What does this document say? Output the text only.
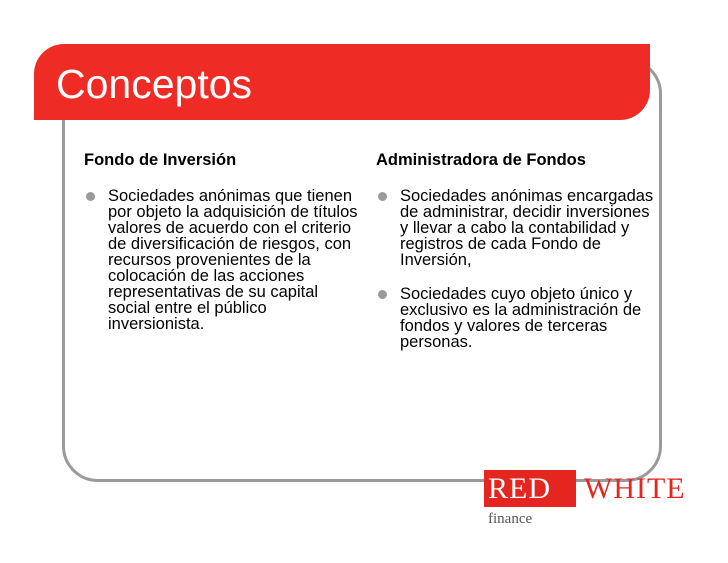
Conceptos
Fondo de Inversión
Sociedades anónimas que tienen por objeto la adquisición de títulos valores de acuerdo con el criterio de diversificación de riesgos, con recursos provenientes de la colocación de las acciones representativas de su capital social entre el público inversionista.
Administradora de Fondos
Sociedades anónimas encargadas de administrar, decidir inversiones y llevar a cabo la contabilidad y registros de cada Fondo de Inversión,
Sociedades cuyo objeto único y exclusivo es la administración de fondos y valores de terceras personas.
RED WHITE
finance
